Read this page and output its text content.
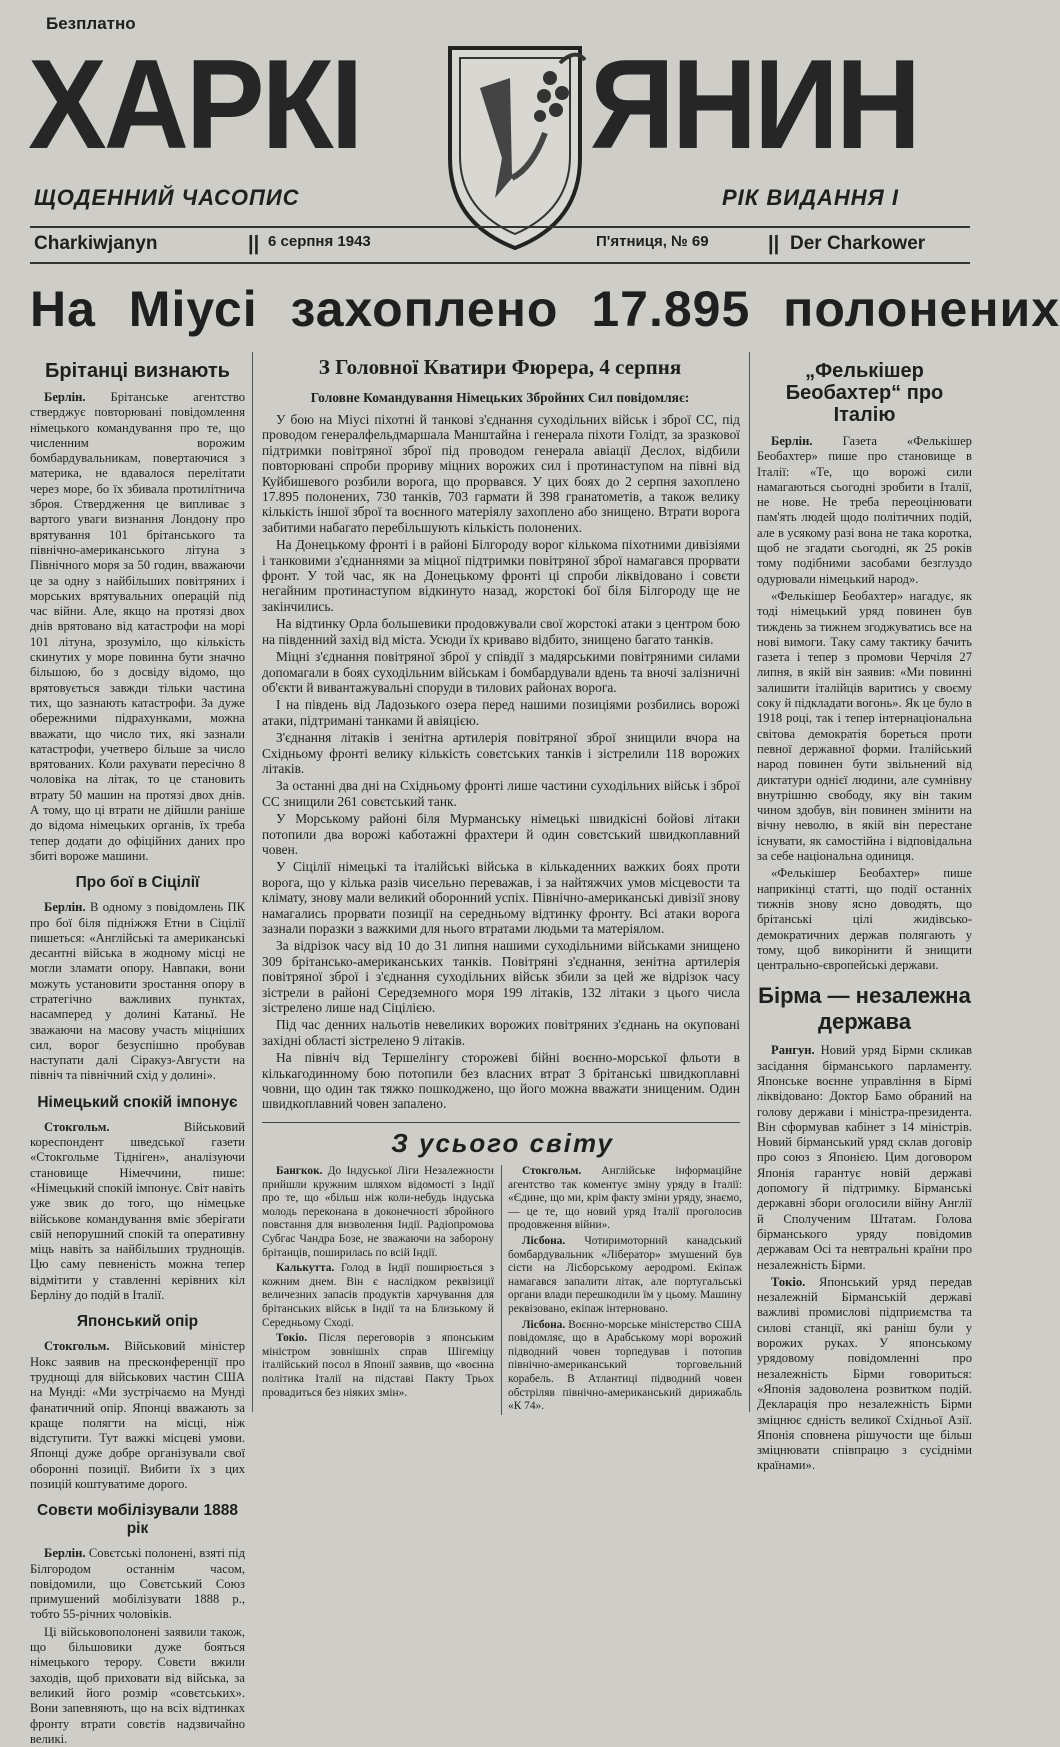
Безплатно
ХАРКІ ЯНИН
ЩОДЕННИЙ ЧАСОПИС	РІК ВИДАННЯ I
Charkiwjanyn	|| 6 серпня 1943	П'ятниця, № 69	|| Der Charkower
На Міусі захоплено 17.895 полонених
Брітанці визнають

Берлін. Брітанське агентство стверджує повторювані повідомлення німецького командування про те, що численним ворожим бомбардувальникам, повертаючися з материка, не вдавалося перелітати через море, бо їх збивала протилітнича зброя. Ствердження це випливає з вартого уваги визнання Лондону про врятування 101 брітанського та північно-американського літуна з Північного моря за 50 годин, вважаючи це за одну з найбільших повітряних і морських врятувальних операцій під час війни. Але, якщо на протязі двох днів врятовано від катастрофи на морі 101 літуна, зрозуміло, що кількість скинутих у море повинна бути значно більшою, бо з досвіду відомо, що врятовується завжди тільки частина тих, що зазнають катастрофи. За дуже обережними підрахунками, можна вважати, що число тих, які зазнали катастрофи, учетверо більше за число врятованих. Коли рахувати пересічно 8 чоловіка на літак, то це становить втрату 50 машин на протязі двох днів. А тому, що ці втрати не дійшли раніше до відома німецьких органів, їх треба тепер додати до офіційних даних про збиті вороже машини.

Про бої в Сіцілії

Берлін. В одному з повідомлень ПК про бої біля підніжжя Етни в Сіцілії пишеться: «Англійські та американські десантні війська в жодному місці не могли зламати опору. Навпаки, вони можуть установити зростання опору в стратегічно важливих пунктах, насамперед у долині Катаньї. Не зважаючи на масову участь міцніших сил, ворог безуспішно пробував наступати далі Сіракуз-Августи на північ та північний схід у долині».

Німецький спокій імпонує

Стокгольм.	Військовий кореспондент шведської газети «Стокгольме Тідніген», аналізуючи становище Німеччини, пише: «Німецький спокій імпонує. Світ навіть уже звик до того, що німецьке військове командування вміє зберігати свій непорушний спокій та оперативну міць навіть за найбільших труднощів. Цю саму певненість можна тепер відмітити у ставленні керівних кіл Берліну до подій в Італії.

Японський опір

Стокгольм. Військовий міністер Нокс заявив на пресконференції про труднощі для військових частин США на Мунді: «Ми зустрічаємо на Мунді фанатичний опір. Японці вважають за краще полягти на місці, ніж відступити. Тут важкі місцеві умови. Японці дуже добре організували свої оборонні позиції. Вибити їх з цих позицій коштуватиме дорого.

Совєти мобілізували 1888 рік

Берлін. Совєтські полонені, взяті під Білгородом останнім часом, повідомили, що Совєтський Союз примушений мобілізувати 1888 р., тобто 55-річних чоловіків.

Ці військовополонені заявили також, що більшовики дуже бояться німецького терору. Совєти вжили заходів, щоб приховати від війська, за великий його розмір «совєтських». Вони запевняють, що на всіх відтинках фронту втрати совєтів надзвичайно великі.

З Головної Кватири Фюрера, 4 серпня
Головне Командування Німецьких Збройних Сил повідомляє:

У бою на Міусі піхотні й танкові з'єднання суходільних військ і зброї СС, під проводом генералфельдмаршала Манштайна і генерала піхоти Голідт, за зразкової підтримки повітряної зброї під проводом генерала авіації Деслох, відбили повторювані спроби прориву міцних ворожих сил і протинаступом на півні від Куйбишевого розбили ворога, що прорвався. У цих боях до 2 серпня захоплено 17.895 полонених, 730 танків, 703 гармати й 398 гранатометів, а також велику кількість іншої зброї та воєнного матеріялу захоплено або знищено. Втрати ворога забитими набагато перебільшують кількість полонених.

На Донецькому фронті і в районі Білгороду ворог кількома піхотними дивізіями і танковими з'єднаннями за міцної підтримки повітряної зброї намагався прорвати фронт. У той час, як на Донецькому фронті ці спроби ліквідовано і совєти негайним протинаступом відкинуто назад, жорстокі бої біля Білгороду ще не закінчились.

На відтинку Орла большевики продовжували свої жорстокі атаки з центром бою на південний захід від міста. Усюди їх криваво відбито, знищено багато танків.

Міцні з'єднання повітряної зброї у співдії з мадярськими повітряними силами допомагали в боях суходільним військам і бомбардували вдень та вночі залізничні об'єкти й вивантажувальні споруди в тилових районах ворога.

І на південь від Ладозького озера перед нашими позиціями розбились ворожі атаки, підтримані танками й авіяцією.

З'єднання літаків і зенітна артилерія повітряної зброї знищили вчора на Східньому фронті велику кількість совєтських танків і зістрелили 118 ворожих літаків.

За останні два дні на Східньому фронті лише частини суходільних військ і зброї СС знищили 261 совєтський танк.

У Морському районі біля Мурманську німецькі швидкісні бойові літаки потопили два ворожі каботажні фрахтери й один совєтський швидкоплавний човен.

У Сіцілії німецькі та італійські війська в кількаденних важких боях проти ворога, що у кілька разів чисельно переважав, і за найтяжчих умов місцевости та клімату, знову мали великий оборонний успіх. Північно-американські дивізії знову намагались прорвати позиції на середньому відтинку фронту. Всі атаки ворога зазнали поразки з важкими для нього втратами людьми та матеріялом.

За відрізок часу від 10 до 31 липня нашими суходільними військами знищено 309 брітансько-американських танків. Повітряні з'єднання, зенітна артилерія повітряної зброї і з'єднання суходільних військ збили за цей же відрізок часу зістрели в районі Середземного моря 199 літаків, 132 літаки з цього числа зістрелено лише над Сіцілією.

Під час денних нальотів невеликих ворожих повітряних з'єднань на окуповані західні області зістрелено 9 літаків.

На північ від Тершелінгу сторожеві бійні воєнно-морської фльоти в кількагодинному бою потопили без власних втрат 3 брітанські швидкоплавні човни, що один так тяжко пошкоджено, що його можна вважати знищеним. Один швидкоплавний човен запалено.

З усього світу

Бангкок. До Індуської Ліги Незалежности прийшли кружним шляхом відомості з Індії про те, що «більш ніж коли-небудь індуська молодь переконана в доконечності збройного повстання для визволення Індії. Радіопромова Субгас Чандра Бозе, не зважаючи на заборону брітанців, поширилась по всій Індії.

Калькутта. Голод в Індії поширюється з кожним днем. Він є наслідком реквізиції величезних запасів продуктів харчування для брітанських військ в Індії та на Близькому й Середньому Сході.

Токіо. Після переговорів з японським міністром зовнішніх справ Шігеміцу італійський посол в Японії заявив, що «воєнна політика Італії на підставі Пакту Трьох провадиться без ніяких змін».

Стокгольм. Англійське інформаційне агентство так коментує зміну уряду в Італії: «Єдине, що ми, крім факту зміни уряду, знаємо, — це те, що новий уряд Італії проголосив продовження війни».

Лісбона. Чотиримоторний канадський бомбардувальник «Лібератор» змушений був сісти на Лісборському аеродромі. Екіпаж намагався запалити літак, але португальські органи влади перешкодили їм у цьому. Машину реквізовано, екіпаж інтерновано.

Лісбона. Воєнно-морське міністерство США повідомляє, що в Арабському морі ворожий підводний човен торпедував і потопив північно-американський торговельний корабель. В Атлантиці підводний човен обстріляв північно-американський дирижабль «К 74».

„Фелькішер Беобахтер“ про Італію

Берлін. Газета «Фелькішер Беобахтер» пише про становище в Італії: «Те, що ворожі сили намагаються сьогодні зробити в Італії, не нове. Не треба переоцінювати пам'ять людей щодо політичних подій, але в усякому разі вона не така коротка, щоб не згадати сьогодні, як 25 років тому подібними засобами безглуздо одурювали німецький народ».

«Фелькішер Беобахтер» нагадує, як тоді німецький уряд повинен був тиждень за тижнем згоджуватись все на нові вимоги. Таку саму тактику бачить газета і тепер з промови Черчіля 27 липня, в якій він заявив: «Ми повинні залишити італійців варитись у своєму соку й підкладати вогонь». Як це було в 1918 році, так і тепер інтернаціональна світова демократія бореться проти певної державної форми. Італійський народ повинен бути звільнений від диктатури однієї людини, але сумнівну внутрішню свободу, яку він таким чином здобув, він повинен змінити на вічну неволю, в якій він перестане існувати, як самостійна і відповідальна за себе національна одиниця.

«Фелькішер Беобахтер» пише наприкінці статті, що події останніх тижнів знову ясно доводять, що брітанські цілі жидівсько-демократичних держав полягають у тому, щоб викорінити й знищити центрально-європейські держави.

Бірма — незалежна держава

Рангун. Новий уряд Бірми скликав засідання бірманського парламенту. Японське воєнне управління в Бірмі ліквідовано: Доктор Бамо обраний на голову держави і міністра-президента. Він сформував кабінет з 14 міністрів. Новий бірманський уряд склав договір про союз з Японією. Цим договором Японія гарантує новій державі допомогу й підтримку. Бірманські державні збори оголосили війну Англії й Сполученим Штатам. Голова бірманського уряду повідомив державам Осі та невтральні країни про незалежність Бірми.

Токіо. Японський уряд передав незалежній Бірманській державі важливі промислові підприємства та силові станції, які раніш були у ворожих руках. У японському урядовому повідомленні про незалежність Бірми говориться: «Японія задоволена розвитком подій. Декларація про незалежність Бірми зміцнює єдність великої Східньої Азії. Японія сповнена рішучости ще більш зміцнювати співпрацю з сусідніми країнами».
